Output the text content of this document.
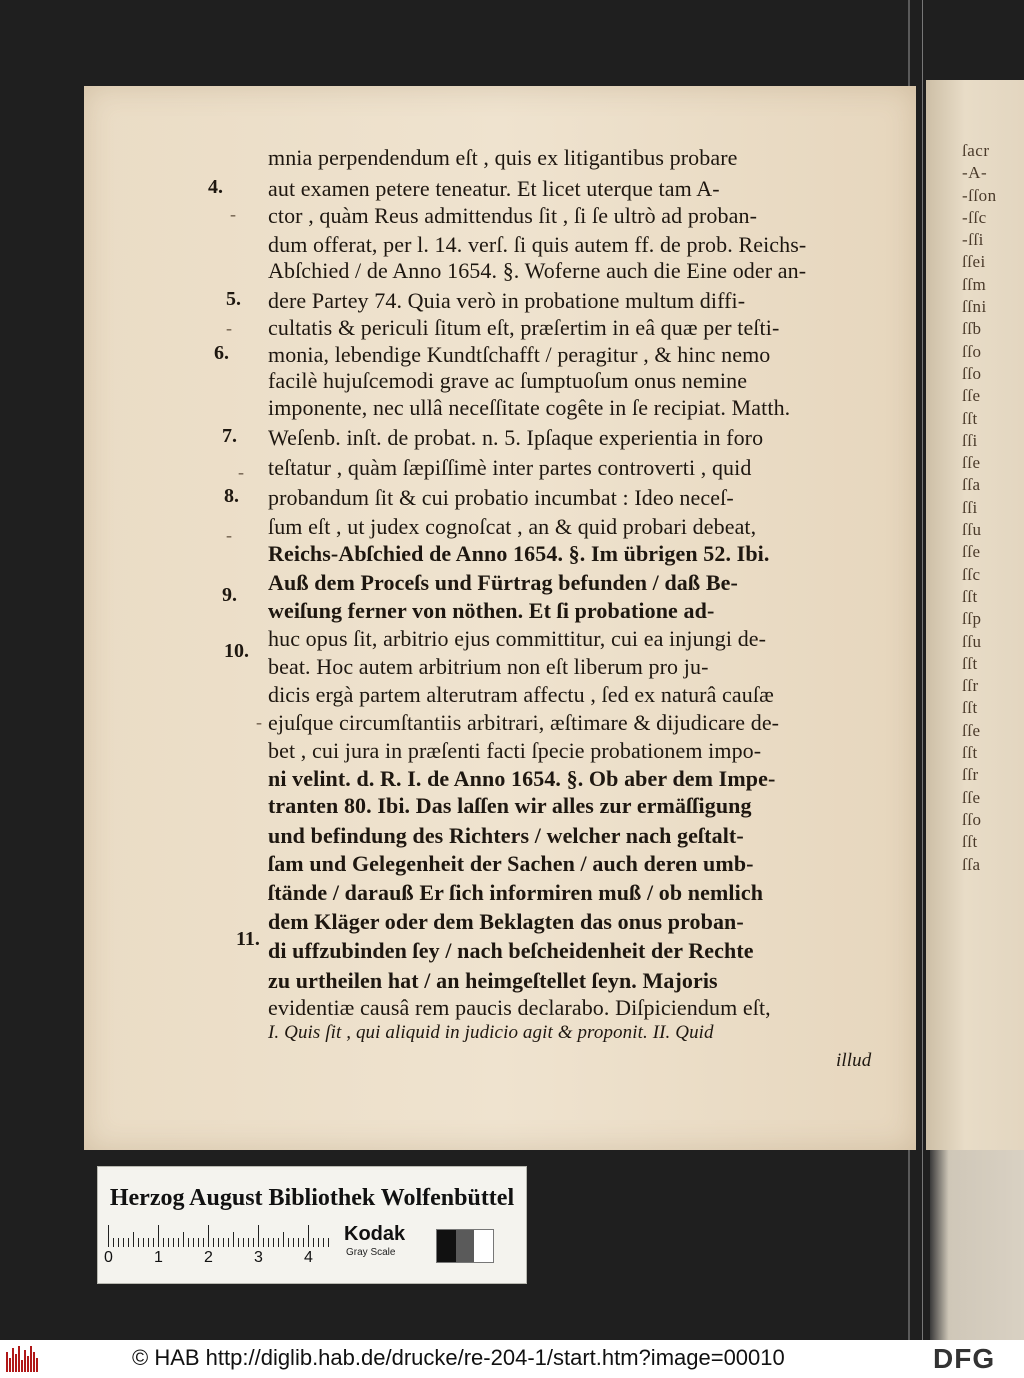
ſacr
-A-
-ſſon
-ſſc
-ſſi
ſſei
ſſm
ſſni
ſſb
ſſo
ſſo
ſſe
ſſt
ſſi
ſſe
ſſa
ſſi
ſſu
ſſe
ſſc
ſſt
ſſp
ſſu
ſſt
ſſr
ſſt
ſſe
ſſt
ſſr
ſſe
ſſo
ſſt
ſſa
mnia perpendendum eſt , quis ex litigantibus probare
aut examen petere teneatur. Et licet uterque tam A-
ctor , quàm Reus admittendus ſit , ſi ſe ultrò ad proban-
dum offerat, per l. 14. verſ. ſi quis autem ff. de prob. Reichs-
Abſchied / de Anno 1654. §. Woferne auch die Eine oder an-
dere Partey 74. Quia verò in probatione multum diffi-
cultatis & periculi ſitum eſt, præſertim in eâ quæ per teſti-
monia, lebendige Kundtſchafft / peragitur , & hinc nemo
facilè hujuſcemodi grave ac ſumptuoſum onus nemine
imponente, nec ullâ neceſſitate cogête in ſe recipiat. Matth.
Weſenb. inſt. de probat. n. 5. Ipſaque experientia in foro
teſtatur , quàm ſæpiſſimè inter partes controverti , quid
probandum ſit & cui probatio incumbat : Ideo neceſ-
ſum eſt , ut judex cognoſcat , an & quid probari debeat,
Reichs-Abſchied de Anno 1654. §. Im übrigen 52. Ibi.
Auß dem Proceſs und Fürtrag befunden / daß Be-
weiſung ferner von nöthen. Et ſi probatione ad-
huc opus ſit, arbitrio ejus committitur, cui ea injungi de-
beat. Hoc autem arbitrium non eſt liberum pro ju-
dicis ergà partem alterutram affectu , ſed ex naturâ cauſæ
ejuſque circumſtantiis arbitrari, æſtimare & dijudicare de-
bet , cui jura in præſenti facti ſpecie probationem impo-
ni velint. d. R. I. de Anno 1654. §. Ob aber dem Impe-
tranten 80. Ibi. Das laſſen wir alles zur ermäſſigung
und befindung des Richters / welcher nach geſtalt-
ſam und Gelegenheit der Sachen / auch deren umb-
ſtände / darauß Er ſich informiren muß / ob nemlich
dem Kläger oder dem Beklagten das onus proban-
di uffzubinden ſey / nach beſcheidenheit der Rechte
zu urtheilen hat / an heimgeſtellet ſeyn. Majoris
evidentiæ causâ rem paucis declarabo. Diſpiciendum eſt,
I. Quis ſit , qui aliquid in judicio agit & proponit. II. Quid
illud
4.
5.
6.
7.
8.
9.
10.
11.
-
-
-
-
-
Herzog August Bibliothek Wolfenbüttel
0	1	2	3	4
Kodak
Gray Scale
© HAB http://diglib.hab.de/drucke/re-204-1/start.htm?image=00010	DFG
